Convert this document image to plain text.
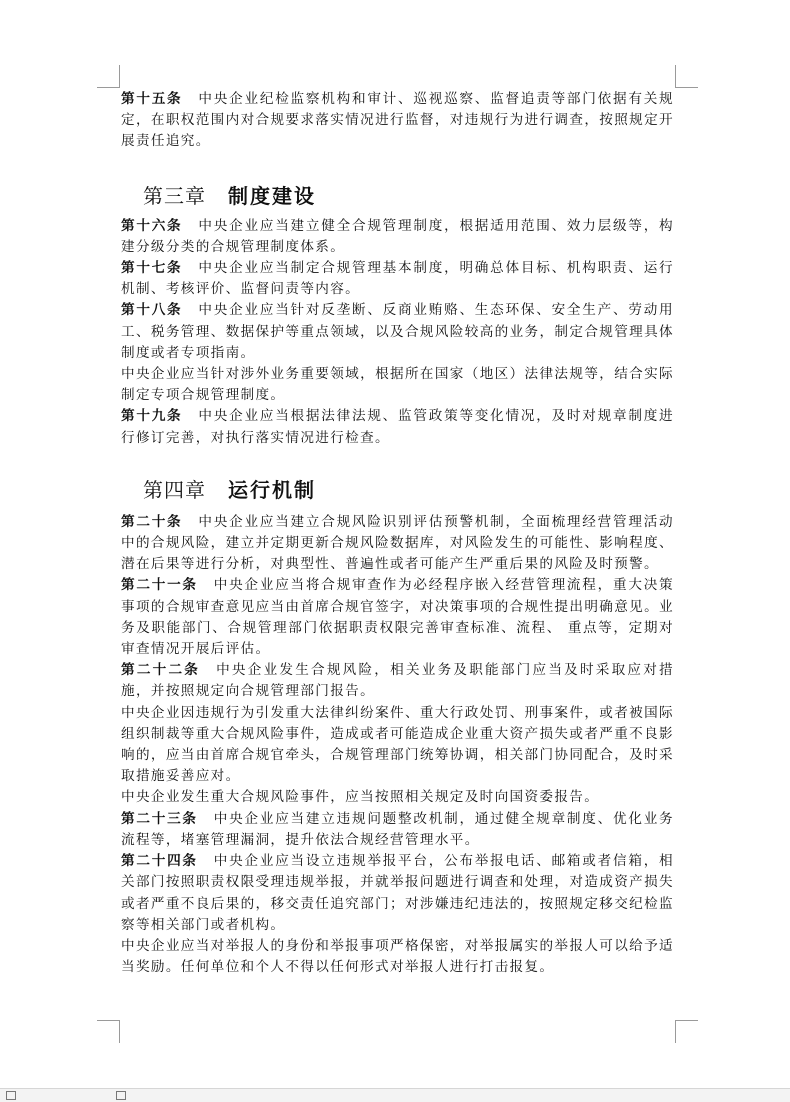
第十五条 中央企业纪检监察机构和审计、巡视巡察、监督追责等部门依据有关规定，在职权范围内对合规要求落实情况进行监督，对违规行为进行调查，按照规定开展责任追究。

第三章 制度建设

第十六条 中央企业应当建立健全合规管理制度，根据适用范围、效力层级等，构建分级分类的合规管理制度体系。

第十七条 中央企业应当制定合规管理基本制度，明确总体目标、机构职责、运行机制、考核评价、监督问责等内容。

第十八条 中央企业应当针对反垄断、反商业贿赂、生态环保、安全生产、劳动用工、税务管理、数据保护等重点领域，以及合规风险较高的业务，制定合规管理具体制度或者专项指南。

中央企业应当针对涉外业务重要领域，根据所在国家（地区）法律法规等，结合实际制定专项合规管理制度。

第十九条 中央企业应当根据法律法规、监管政策等变化情况，及时对规章制度进行修订完善，对执行落实情况进行检查。

第四章 运行机制

第二十条 中央企业应当建立合规风险识别评估预警机制，全面梳理经营管理活动中的合规风险，建立并定期更新合规风险数据库，对风险发生的可能性、影响程度、潜在后果等进行分析，对典型性、普遍性或者可能产生严重后果的风险及时预警。

第二十一条 中央企业应当将合规审查作为必经程序嵌入经营管理流程，重大决策事项的合规审查意见应当由首席合规官签字，对决策事项的合规性提出明确意见。业务及职能部门、合规管理部门依据职责权限完善审查标准、流程、 重点等，定期对审查情况开展后评估。

第二十二条 中央企业发生合规风险，相关业务及职能部门应当及时采取应对措施，并按照规定向合规管理部门报告。

中央企业因违规行为引发重大法律纠纷案件、重大行政处罚、刑事案件，或者被国际组织制裁等重大合规风险事件，造成或者可能造成企业重大资产损失或者严重不良影响的，应当由首席合规官牵头，合规管理部门统筹协调，相关部门协同配合，及时采取措施妥善应对。

中央企业发生重大合规风险事件，应当按照相关规定及时向国资委报告。

第二十三条 中央企业应当建立违规问题整改机制，通过健全规章制度、优化业务流程等，堵塞管理漏洞，提升依法合规经营管理水平。

第二十四条 中央企业应当设立违规举报平台，公布举报电话、邮箱或者信箱，相关部门按照职责权限受理违规举报，并就举报问题进行调查和处理，对造成资产损失或者严重不良后果的，移交责任追究部门；对涉嫌违纪违法的，按照规定移交纪检监察等相关部门或者机构。

中央企业应当对举报人的身份和举报事项严格保密，对举报属实的举报人可以给予适当奖励。任何单位和个人不得以任何形式对举报人进行打击报复。
